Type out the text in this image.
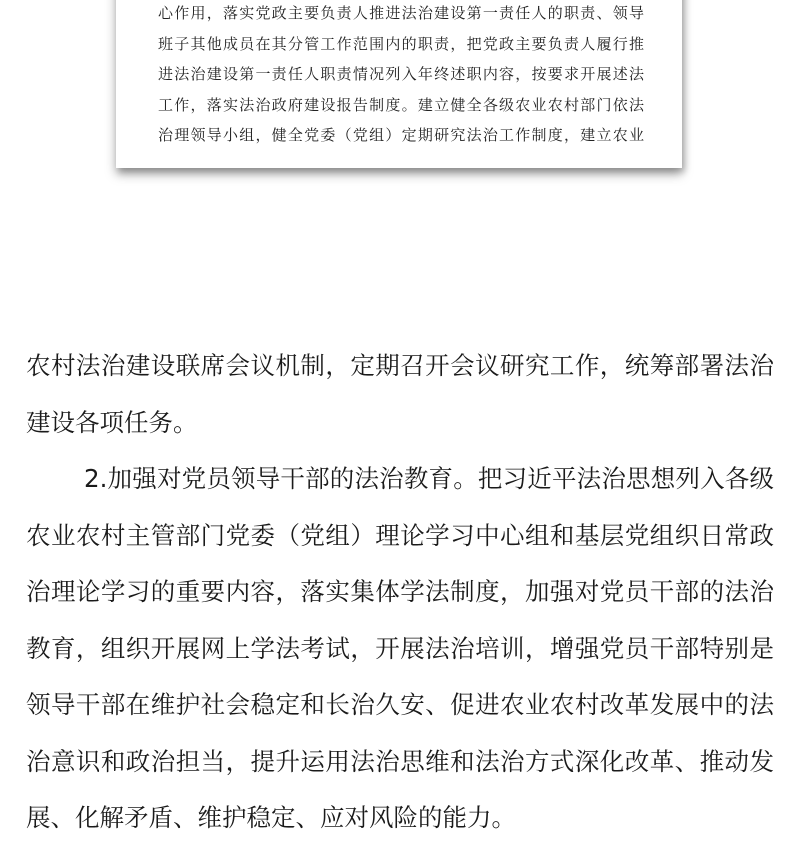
心作用，落实党政主要负责人推进法治建设第一责任人的职责、领导
班子其他成员在其分管工作范围内的职责，把党政主要负责人履行推
进法治建设第一责任人职责情况列入年终述职内容，按要求开展述法
工作，落实法治政府建设报告制度。建立健全各级农业农村部门依法
治理领导小组，健全党委（党组）定期研究法治工作制度，建立农业
农村法治建设联席会议机制，定期召开会议研究工作，统筹部署法治
建设各项任务。
2.加强对党员领导干部的法治教育。把习近平法治思想列入各级
农业农村主管部门党委（党组）理论学习中心组和基层党组织日常政
治理论学习的重要内容，落实集体学法制度，加强对党员干部的法治
教育，组织开展网上学法考试，开展法治培训，增强党员干部特别是
领导干部在维护社会稳定和长治久安、促进农业农村改革发展中的法
治意识和政治担当，提升运用法治思维和法治方式深化改革、推动发
展、化解矛盾、维护稳定、应对风险的能力。
